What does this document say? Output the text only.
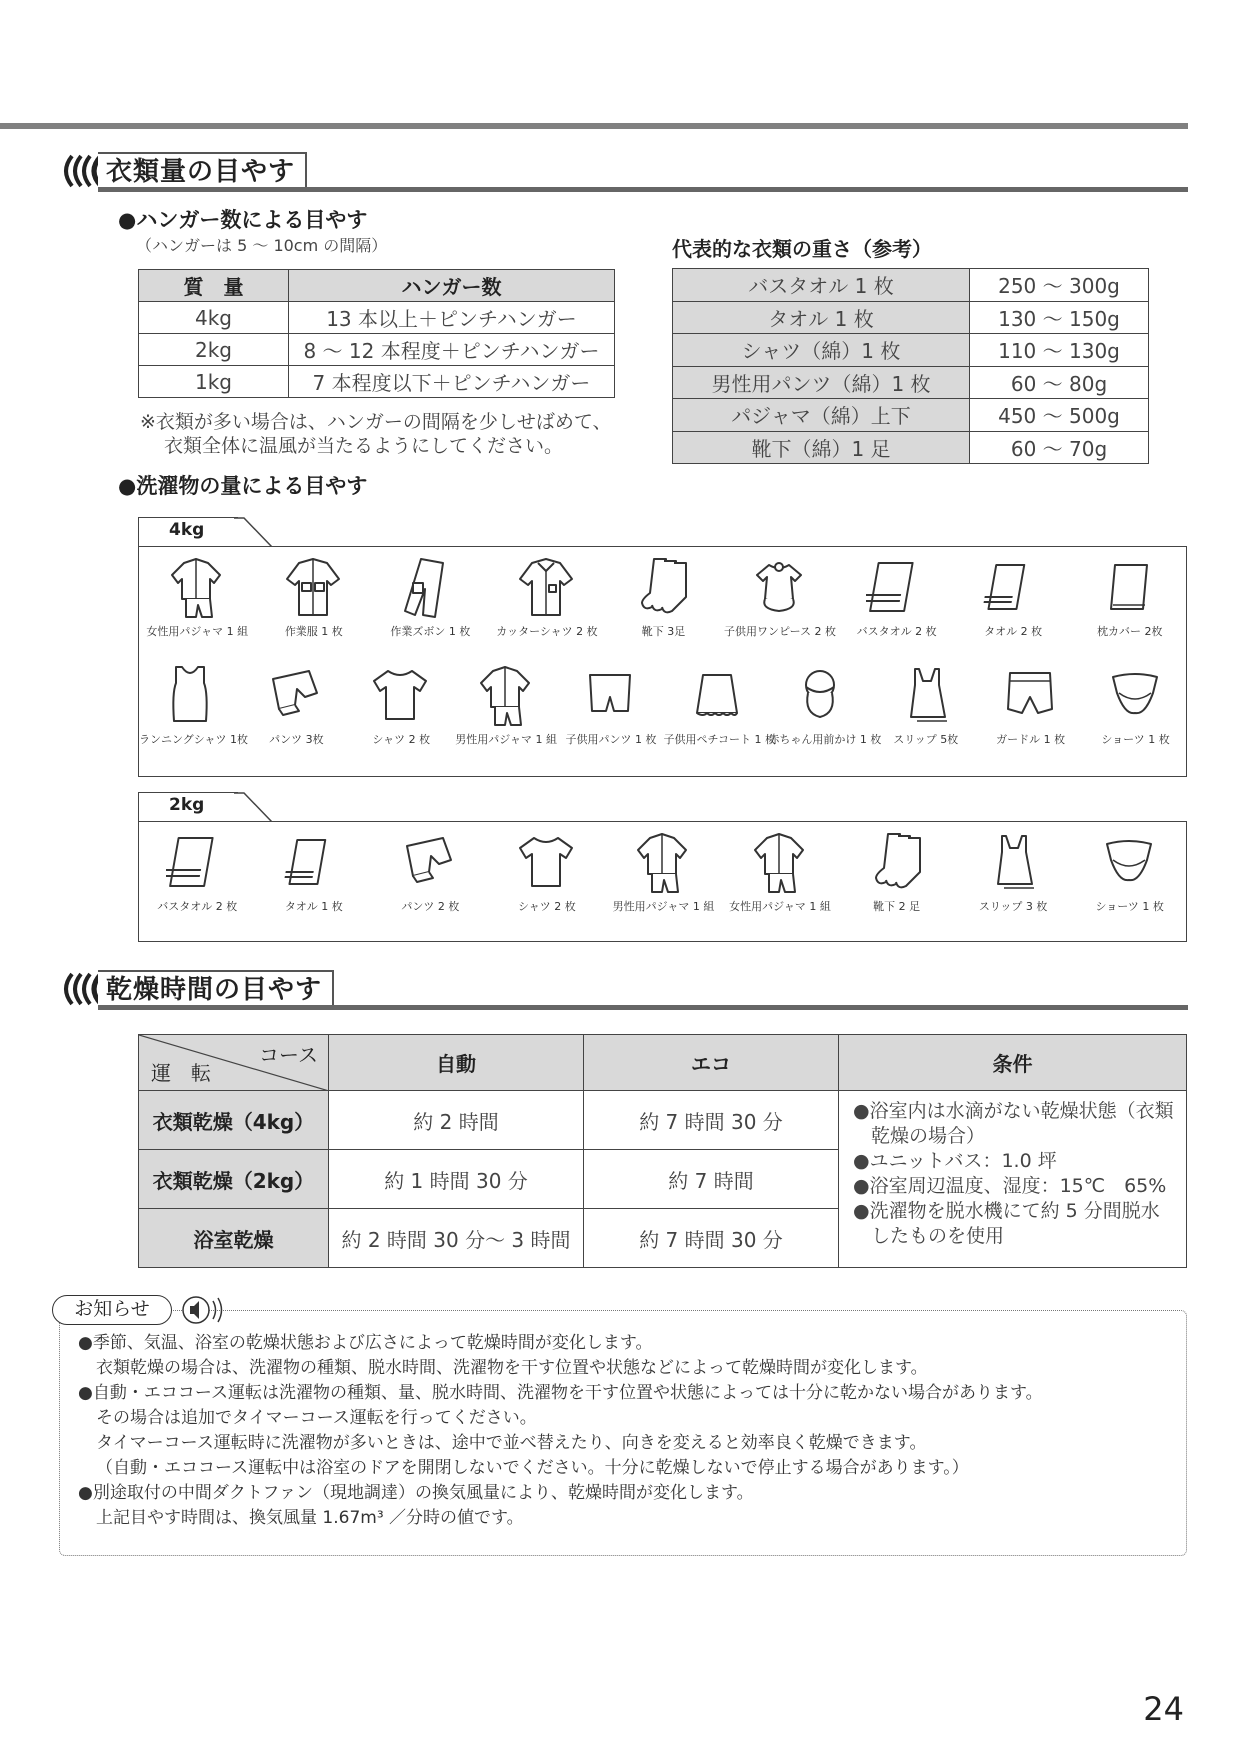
衣類量の目やす
●ハンガー数による目やす
（ハンガーは 5 〜 10cm の間隔）
質　量	ハンガー数
4kg	13 本以上＋ピンチハンガー
2kg	8 〜 12 本程度＋ピンチハンガー
1kg	7 本程度以下＋ピンチハンガー
※衣類が多い場合は、ハンガーの間隔を少しせばめて、
衣類全体に温風が当たるようにしてください。
代表的な衣類の重さ（参考）
バスタオル 1 枚	250 〜 300g
タオル 1 枚	130 〜 150g
シャツ（綿）1 枚	110 〜 130g
男性用パンツ（綿）1 枚	60 〜 80g
パジャマ（綿）上下	450 〜 500g
靴下（綿）1 足	60 〜 70g
●洗濯物の量による目やす
4kg
女性用パジャマ 1 組	作業服 1 枚	作業ズボン 1 枚	カッターシャツ 2 枚	靴下 3足	子供用ワンピース 2 枚	バスタオル 2 枚	タオル 2 枚	枕カバー 2枚
ランニングシャツ 1枚	パンツ 3枚	シャツ 2 枚	男性用パジャマ 1 組 子供用パンツ 1 枚 子供用ペチコート 1 枚
赤ちゃん用前かけ 1 枚	スリップ 5枚	ガードル 1 枚	ショーツ 1 枚
2kg
バスタオル 2 枚	タオル 1 枚	パンツ 2 枚	シャツ 2 枚	男性用パジャマ 1 組	女性用パジャマ 1 組	靴下 2 足	スリップ 3 枚	ショーツ 1 枚
乾燥時間の目やす
コース
運　転	自動	エコ	条件
衣類乾燥（4kg）	約 2 時間	約 7 時間 30 分	●浴室内は水滴がない乾燥状態（衣類乾燥の場合）
●ユニットバス：1.0 坪
●浴室周辺温度、湿度：15℃　65%
●洗濯物を脱水機にて約 5 分間脱水したものを使用

衣類乾燥（2kg）	約 1 時間 30 分	約 7 時間	
浴室乾燥	約 2 時間 30 分〜 3 時間	約 7 時間 30 分	
お知らせ
●季節、気温、浴室の乾燥状態および広さによって乾燥時間が変化します。
衣類乾燥の場合は、洗濯物の種類、脱水時間、洗濯物を干す位置や状態などによって乾燥時間が変化します。
●自動・エココース運転は洗濯物の種類、量、脱水時間、洗濯物を干す位置や状態によっては十分に乾かない場合があります。
その場合は追加でタイマーコース運転を行ってください。
タイマーコース運転時に洗濯物が多いときは、途中で並べ替えたり、向きを変えると効率良く乾燥できます。
（自動・エココース運転中は浴室のドアを開閉しないでください。十分に乾燥しないで停止する場合があります。）
●別途取付の中間ダクトファン（現地調達）の換気風量により、乾燥時間が変化します。
上記目やす時間は、換気風量 1.67m³ ／分時の値です。
24
